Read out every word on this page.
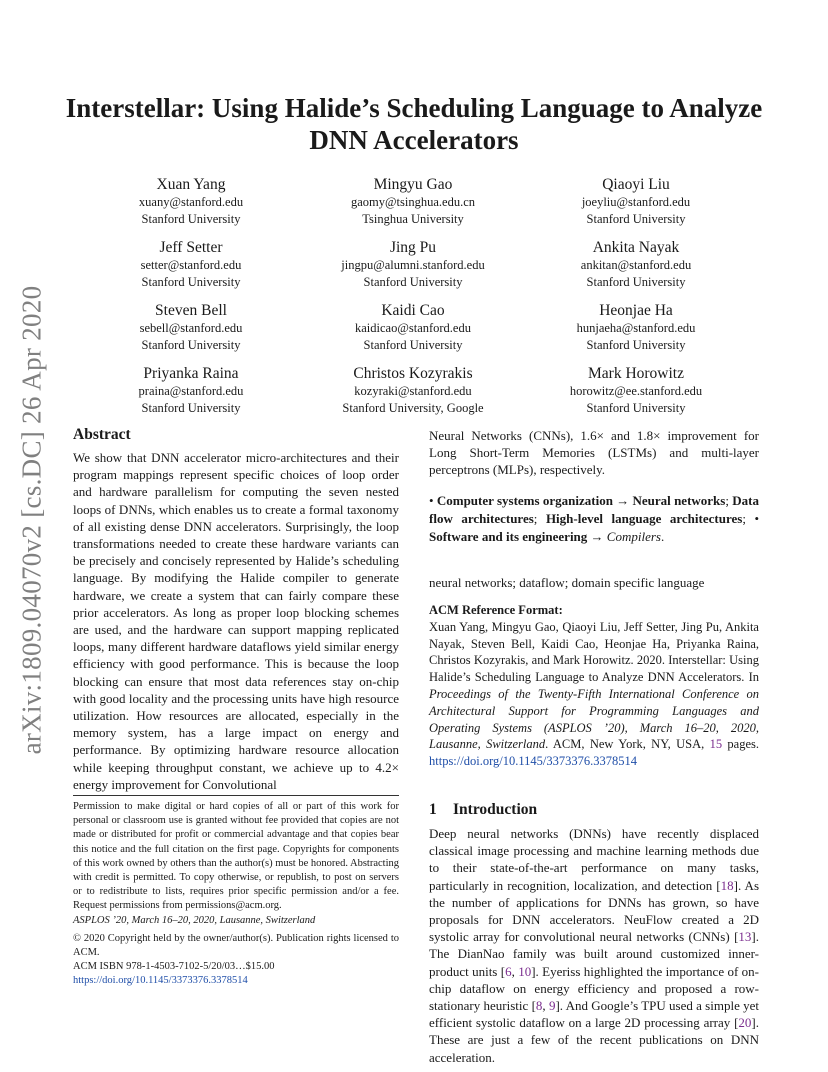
arXiv:1809.04070v2 [cs.DC] 26 Apr 2020
Interstellar: Using Halide’s Scheduling Language to Analyze DNN Accelerators
Xuan Yang
xuany@stanford.edu
Stanford University
Mingyu Gao
gaomy@tsinghua.edu.cn
Tsinghua University
Qiaoyi Liu
joeyliu@stanford.edu
Stanford University
Jeff Setter
setter@stanford.edu
Stanford University
Jing Pu
jingpu@alumni.stanford.edu
Stanford University
Ankita Nayak
ankitan@stanford.edu
Stanford University
Steven Bell
sebell@stanford.edu
Stanford University
Kaidi Cao
kaidicao@stanford.edu
Stanford University
Heonjae Ha
hunjaeha@stanford.edu
Stanford University
Priyanka Raina
praina@stanford.edu
Stanford University
Christos Kozyrakis
kozyraki@stanford.edu
Stanford University, Google
Mark Horowitz
horowitz@ee.stanford.edu
Stanford University

Abstract

We show that DNN accelerator micro-architectures and their program mappings represent specific choices of loop order and hardware parallelism for computing the seven nested loops of DNNs, which enables us to create a formal taxonomy of all existing dense DNN accelerators. Surprisingly, the loop transformations needed to create these hardware variants can be precisely and concisely represented by Halide’s scheduling language. By modifying the Halide compiler to generate hardware, we create a system that can fairly compare these prior accelerators. As long as proper loop blocking schemes are used, and the hardware can support mapping replicated loops, many different hardware dataflows yield similar energy efficiency with good performance. This is because the loop blocking can ensure that most data references stay on-chip with good locality and the processing units have high resource utilization. How resources are allocated, especially in the memory system, has a large impact on energy and performance. By optimizing hardware resource allocation while keeping throughput constant, we achieve up to 4.2× energy improvement for Convolutional

Neural Networks (CNNs), 1.6× and 1.8× improvement for Long Short-Term Memories (LSTMs) and multi-layer perceptrons (MLPs), respectively.

• Computer systems organization → Neural networks; Data flow architectures; High-level language architectures; • Software and its engineering → Compilers.

neural networks; dataflow; domain specific language

ACM Reference Format:

Xuan Yang, Mingyu Gao, Qiaoyi Liu, Jeff Setter, Jing Pu, Ankita Nayak, Steven Bell, Kaidi Cao, Heonjae Ha, Priyanka Raina, Christos Kozyrakis, and Mark Horowitz. 2020. Interstellar: Using Halide’s Scheduling Language to Analyze DNN Accelerators. In Proceedings of the Twenty-Fifth International Conference on Architectural Support for Programming Languages and Operating Systems (ASPLOS ’20), March 16–20, 2020, Lausanne, Switzerland. ACM, New York, NY, USA, 15 pages. https://doi.org/10.1145/3373376.3378514

1 Introduction

Deep neural networks (DNNs) have recently displaced classical image processing and machine learning methods due to their state-of-the-art performance on many tasks, particularly in recognition, localization, and detection [18]. As the number of applications for DNNs has grown, so have proposals for DNN accelerators. NeuFlow created a 2D systolic array for convolutional neural networks (CNNs) [13]. The DianNao family was built around customized inner-product units [6, 10]. Eyeriss highlighted the importance of on-chip dataflow on energy efficiency and proposed a row-stationary heuristic [8, 9]. And Google’s TPU used a simple yet efficient systolic dataflow on a large 2D processing array [20]. These are just a few of the recent publications on DNN acceleration.

Permission to make digital or hard copies of all or part of this work for personal or classroom use is granted without fee provided that copies are not made or distributed for profit or commercial advantage and that copies bear this notice and the full citation on the first page. Copyrights for components of this work owned by others than the author(s) must be honored. Abstracting with credit is permitted. To copy otherwise, or republish, to post on servers or to redistribute to lists, requires prior specific permission and/or a fee. Request permissions from permissions@acm.org.

ASPLOS ’20, March 16–20, 2020, Lausanne, Switzerland

© 2020 Copyright held by the owner/author(s). Publication rights licensed to ACM.

ACM ISBN 978-1-4503-7102-5/20/03…$15.00

https://doi.org/10.1145/3373376.3378514
